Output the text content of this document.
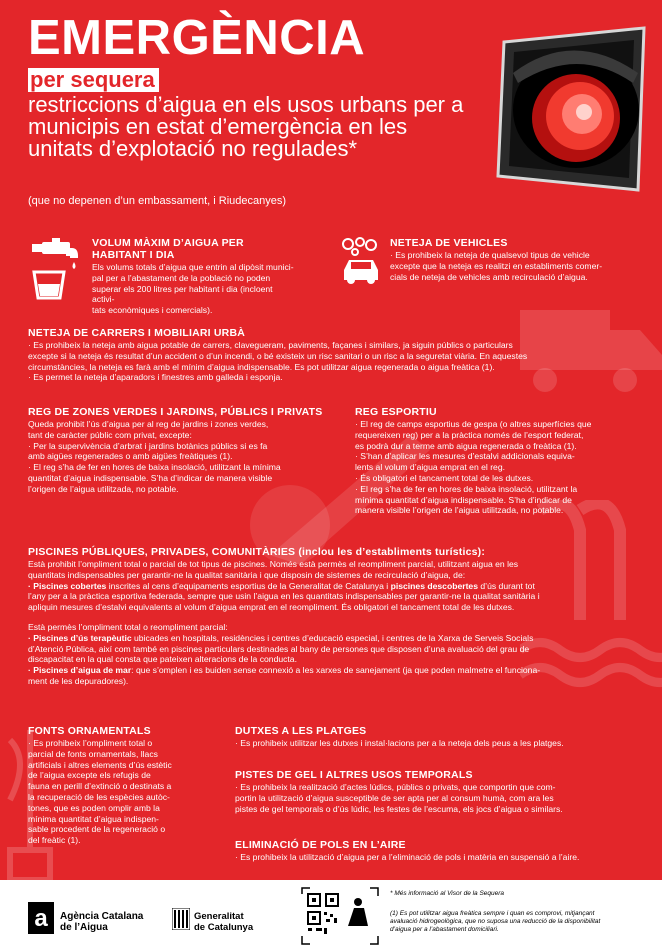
EMERGÈNCIA
per sequera
restriccions d’aigua en els usos urbans per a municipis en estat d’emergència en les unitats d’explotació no regulades*
(que no depenen d’un embassament, i Riudecanyes)
VOLUM MÀXIM D’AIGUA PER
HABITANT I DIA

Els volums totals d’aigua que entrin al dipòsit munici-

pal per a l’abastament de la població no poden

superar els 200 litres per habitant i dia (incloent activi-

tats econòmiques i comercials).

NETEJA DE VEHICLES

· Es prohibeix la neteja de qualsevol tipus de vehicle

excepte que la neteja es realitzi en establiments comer-

cials de neteja de vehicles amb recirculació d’aigua.

NETEJA DE CARRERS I MOBILIARI URBÀ

· Es prohibeix la neteja amb aigua potable de carrers, clavegueram, paviments, façanes i similars, ja siguin públics o particulars

excepte si la neteja és resultat d’un accident o d’un incendi, o bé existeix un risc sanitari o un risc a la seguretat viària. En aquestes

circumstàncies, la neteja es farà amb el mínim d’aigua indispensable. Es pot utilitzar aigua regenerada o aigua freàtica (1).

· Es permet la neteja d’aparadors i finestres amb galleda i esponja.

REG DE ZONES VERDES I JARDINS, PÚBLICS I PRIVATS

Queda prohibit l’ús d’aigua per al reg de jardins i zones verdes,

tant de caràcter públic com privat, excepte:

· Per la supervivència d’arbrat i jardins botànics públics si es fa

amb aigües regenerades o amb aigües freàtiques (1).

· El reg s’ha de fer en hores de baixa insolació, utilitzant la mínima

quantitat d’aigua indispensable. S’ha d’indicar de manera visible

l’origen de l’aigua utilitzada, no potable.

REG ESPORTIU

· El reg de camps esportius de gespa (o altres superfícies que

requereixen reg) per a la pràctica només de l’esport federat,

es podrà dur a terme amb aigua regenerada o freàtica (1).

· S’han d’aplicar les mesures d’estalvi addicionals equiva-

lents al volum d’aigua emprat en el reg.

· És obligatori el tancament total de les dutxes.

· El reg s’ha de fer en hores de baixa insolació, utilitzant la

mínima quantitat d’aigua indispensable. S’ha d’indicar de

manera visible l’origen de l’aigua utilitzada, no potable.

PISCINES PÚBLIQUES, PRIVADES, COMUNITÀRIES (inclou les d’establiments turístics):

Està prohibit l’ompliment total o parcial de tot tipus de piscines. Només està permès el reompliment parcial, utilitzant aigua en les

quantitats indispensables per garantir-ne la qualitat sanitària i que disposin de sistemes de recirculació d’aigua, de:

· Piscines cobertes inscrites al cens d’equipaments esportius de la Generalitat de Catalunya i piscines descobertes d’ús durant tot

l’any per a la pràctica esportiva federada, sempre que usin l’aigua en les quantitats indispensables per garantir-ne la qualitat sanitària i

apliquin mesures d’estalvi equivalents al volum d’aigua emprat en el reompliment. És obligatori el tancament total de les dutxes.

Està permès l’ompliment total o reompliment parcial:

· Piscines d’ús terapèutic ubicades en hospitals, residències i centres d’educació especial, i centres de la Xarxa de Serveis Socials

d’Atenció Pública, així com també en piscines particulars destinades al bany de persones que disposen d’una avaluació del grau de

discapacitat en la qual consta que pateixen alteracions de la conducta.

· Piscines d’aigua de mar: que s’omplen i es buiden sense connexió a les xarxes de sanejament (ja que poden malmetre el funciona-

ment de les depuradores).

FONTS ORNAMENTALS

· Es prohibeix l’ompliment total o

parcial de fonts ornamentals, llacs

artificials i altres elements d’ús estètic

de l’aigua excepte els refugis de

fauna en perill d’extinció o destinats a

la recuperació de les espècies autòc-

tones, que es poden omplir amb la

mínima quantitat d’aigua indispen-

sable procedent de la regeneració o

del freàtic (1).

DUTXES A LES PLATGES

· Es prohibeix utilitzar les dutxes i instal·lacions per a la neteja dels peus a les platges.

PISTES DE GEL I ALTRES USOS TEMPORALS

· Es prohibeix la realització d’actes lúdics, públics o privats, que comportin que com-

portin la utilització d’aigua susceptible de ser apta per al consum humà, com ara les

pistes de gel temporals o d’ús lúdic, les festes de l’escuma, els jocs d’aigua o similars.

ELIMINACIÓ DE POLS EN L’AIRE

· Es prohibeix la utilització d’aigua per a l’eliminació de pols i matèria en suspensió a l’aire.

a Agència Catalana
de l’Aigua
Generalitat
de Catalunya
* Més informació al Visor de la Sequera
(1) Es pot utilitzar aigua freàtica sempre i quan es comprovi, mitjançant
avaluació hidrogeològica, que no suposa una reducció de la disponibilitat
d’aigua per a l’abastament domiciliari.
